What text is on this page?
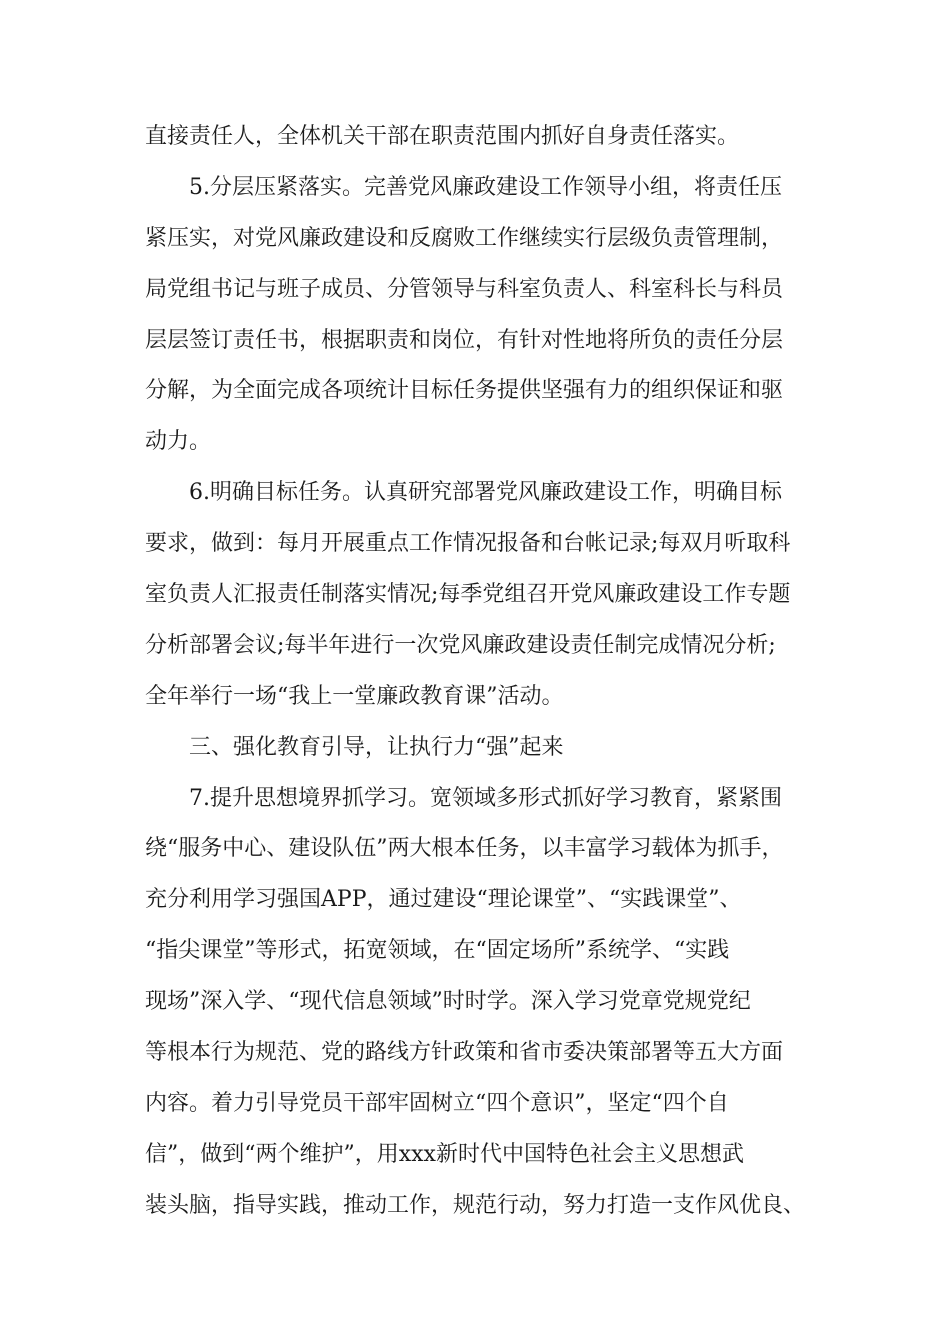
直接责任人，全体机关干部在职责范围内抓好自身责任落实。
5.分层压紧落实。完善党风廉政建设工作领导小组，将责任压
紧压实，对党风廉政建设和反腐败工作继续实行层级负责管理制，
局党组书记与班子成员、分管领导与科室负责人、科室科长与科员
层层签订责任书，根据职责和岗位，有针对性地将所负的责任分层
分解，为全面完成各项统计目标任务提供坚强有力的组织保证和驱
动力。
6.明确目标任务。认真研究部署党风廉政建设工作，明确目标
要求，做到：每月开展重点工作情况报备和台帐记录;每双月听取科
室负责人汇报责任制落实情况;每季党组召开党风廉政建设工作专题
分析部署会议;每半年进行一次党风廉政建设责任制完成情况分析;
全年举行一场“我上一堂廉政教育课”活动。
三、强化教育引导，让执行力“强”起来
7.提升思想境界抓学习。宽领域多形式抓好学习教育，紧紧围
绕“服务中心、建设队伍”两大根本任务，以丰富学习载体为抓手，
充分利用学习强国APP，通过建设“理论课堂”、“实践课堂”、
“指尖课堂”等形式，拓宽领域，在“固定场所”系统学、“实践
现场”深入学、“现代信息领域”时时学。深入学习党章党规党纪
等根本行为规范、党的路线方针政策和省市委决策部署等五大方面
内容。着力引导党员干部牢固树立“四个意识”，坚定“四个自
信”，做到“两个维护”，用xxx新时代中国特色社会主义思想武
装头脑，指导实践，推动工作，规范行动，努力打造一支作风优良、
